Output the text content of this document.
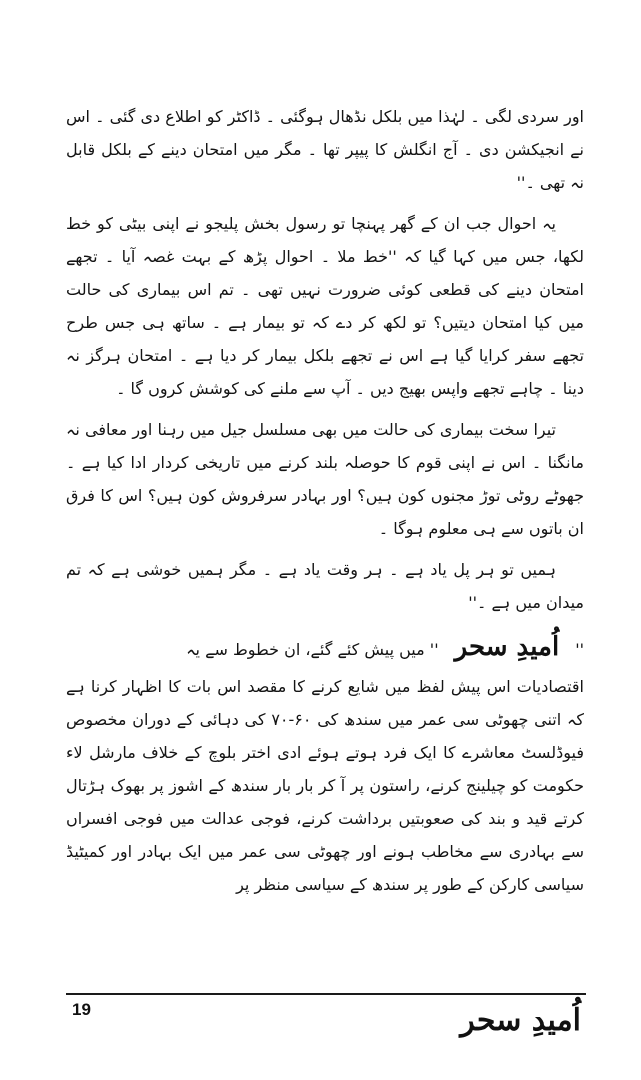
اور سردی لگی ۔ لہٰذا میں بلکل نڈھال ہوگئی ۔ ڈاکٹر کو اطلاع دی گئی ۔ اس نے انجیکشن دی ۔ آج انگلش کا پیپر تھا ۔ مگر میں امتحان دینے کے بلکل قابل نہ تھی ۔''

یہ احوال جب ان کے گھر پہنچا تو رسول بخش پلیجو نے اپنی بیٹی کو خط لکھا، جس میں کہا گیا کہ ''خط ملا ۔ احوال پڑھ کے بہت غصہ آیا ۔ تجھے امتحان دینے کی قطعی کوئی ضرورت نہیں تھی ۔ تم اس بیماری کی حالت میں کیا امتحان دیتیں؟ تو لکھ کر دے کہ تو بیمار ہے ۔ ساتھ ہی جس طرح تجھے سفر کرایا گیا ہے اس نے تجھے بلکل بیمار کر دیا ہے ۔ امتحان ہرگز نہ دینا ۔ چاہے تجھے واپس بھیج دیں ۔ آپ سے ملنے کی کوشش کروں گا ۔

تیرا سخت بیماری کی حالت میں بھی مسلسل جیل میں رہنا اور معافی نہ مانگنا ۔ اس نے اپنی قوم کا حوصلہ بلند کرنے میں تاریخی کردار ادا کیا ہے ۔ جھوٹے روٹی توڑ مجنوں کون ہیں؟ اور بہادر سرفروش کون ہیں؟ اس کا فرق ان باتوں سے ہی معلوم ہوگا ۔

ہمیں تو ہر پل یاد ہے ۔ ہر وقت یاد ہے ۔ مگر ہمیں خوشی ہے کہ تم میدان میں ہے ۔''

''
اُمیدِ سحر
'' میں پیش کئے گئے، ان خطوط سے یہ

اقتصادیات اس پیش لفظ میں شایع کرنے کا مقصد اس بات کا اظہار کرنا ہے کہ اتنی چھوٹی سی عمر میں سندھ کی ۶۰-۷۰ کی دہائی کے دوران مخصوص فیوڈلسٹ معاشرے کا ایک فرد ہوتے ہوئے ادی اختر بلوچ کے خلاف مارشل لاء حکومت کو چیلینج کرنے، راستون پر آ کر بار بار سندھ کے اشوز پر بھوک ہڑتال کرتے قید و بند کی صعوبتیں برداشت کرنے، فوجی عدالت میں فوجی افسراں سے بہادری سے مخاطب ہونے اور چھوٹی سی عمر میں ایک بہادر اور کمیٹیڈ سیاسی کارکن کے طور پر سندھ کے سیاسی منظر پر

19	اُمیدِ سحر
